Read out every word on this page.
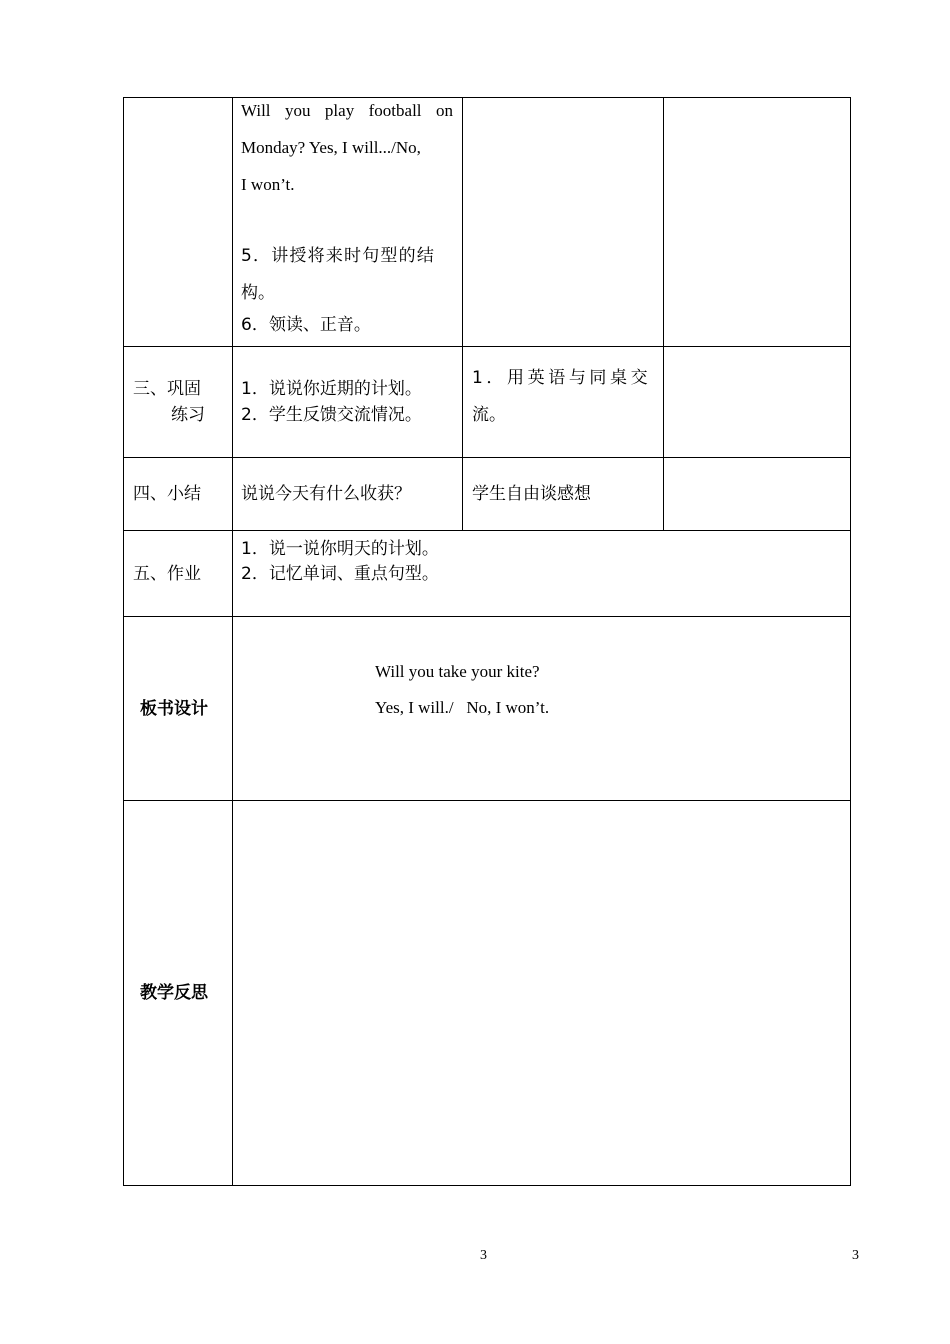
Will you play football on
Monday? Yes, I will.../No,
I won’t.
5．讲授将来时句型的结
构。
6．领读、正音。
三、巩固
练习
1．说说你近期的计划。
2．学生反馈交流情况。
1．用英语与同桌交
流。
四、小结 说说今天有什么收获？	学生自由谈感想
五、作业
1．说一说你明天的计划。
2．记忆单词、重点句型。
板书设计
Will you take your kite?
Yes, I will./   No, I won’t.
教学反思
3	3
